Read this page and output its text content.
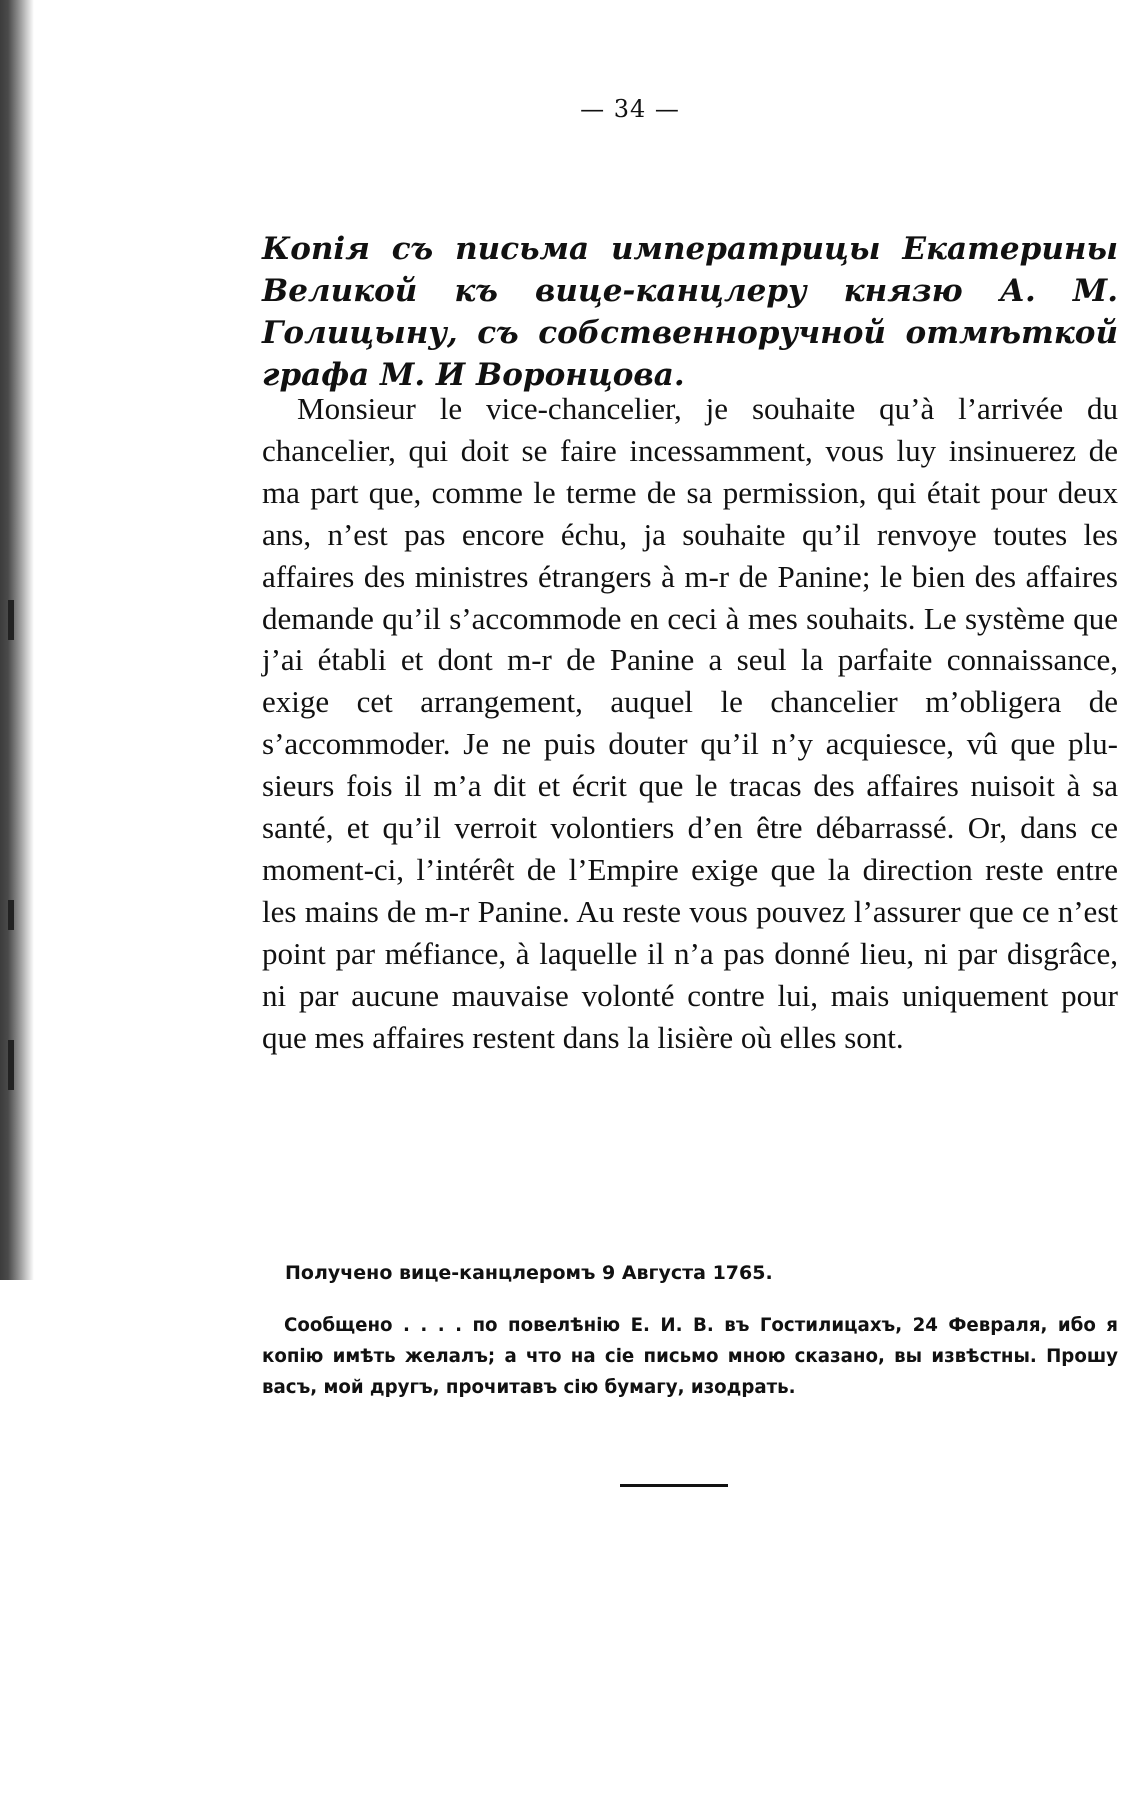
— 34 —
Копія съ письма императрицы Екатерины Великой къ вице-канцлеру князю А. М. Голицыну, съ собственноручной отмѣткой графа М. И Воронцова.

Monsieur le vice-chancelier, je souhaite qu’à l’arrivée du chancelier, qui doit se faire incessamment, vous luy insinuerez de ma part que, comme le terme de sa permission, qui était pour deux ans, n’est pas encore échu, ja souhaite qu’il renvoye toutes les affaires des ministres étrangers à m-r de Panine; le bien des affaires demande qu’il s’accommode en ceci à mes souhaits. Le système que j’ai établi et dont m-r de Panine a seul la parfaite connaissance, exige cet arrangement, auquel le chancelier m’obligera de s’accommoder. Je ne puis douter qu’il n’y acquiesce, vû que plusieurs fois il m’a dit et écrit que le tracas des affaires nuisoit à sa santé, et qu’il verroit volontiers d’en être débarrassé. Or, dans ce moment-ci, l’intérêt de l’Empire exige que la direction reste entre les mains de m-r Panine. Au reste vous pouvez l’assurer que ce n’est point par méfiance, à laquelle il n’a pas donné lieu, ni par disgrâce, ni par aucune mauvaise volonté contre lui, mais uniquement pour que mes affaires restent dans la lisière où elles sont.

Получено вице-канцлеромъ 9 Августа 1765.

Сообщено . . . . по повелѣнію Е. И. В. въ Гостилицахъ, 24 Февраля, ибо я копію имѣть желалъ; а что на сіе письмо мною сказано, вы извѣстны. Прошу васъ, мой другъ, прочитавъ сію бумагу, изодрать.
